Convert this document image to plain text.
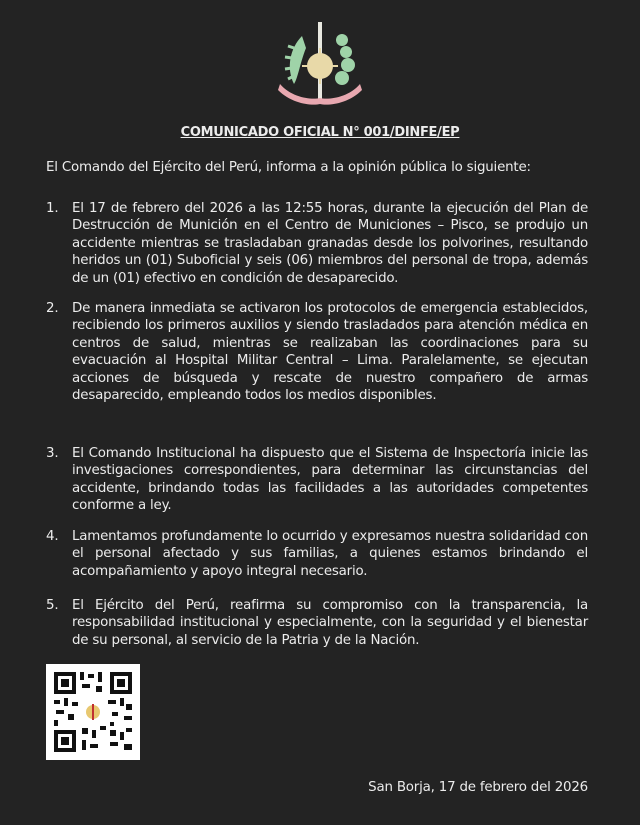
COMUNICADO OFICIAL N° 001/DINFE/EP
El Comando del Ejército del Perú, informa a la opinión pública lo siguiente:
1.	El 17 de febrero del 2026 a las 12:55 horas, durante la ejecución del Plan de Destrucción de Munición en el Centro de Municiones – Pisco, se produjo un accidente mientras se trasladaban granadas desde los polvorines, resultando heridos un (01) Suboficial y seis (06) miembros del personal de tropa, además de un (01) efectivo en condición de desaparecido.
2.	De manera inmediata se activaron los protocolos de emergencia establecidos, recibiendo los primeros auxilios y siendo trasladados para atención médica en centros de salud, mientras se realizaban las coordinaciones para su evacuación al Hospital Militar Central – Lima. Paralelamente, se ejecutan acciones de búsqueda y rescate de nuestro compañero de armas desaparecido, empleando todos los medios disponibles.
3.	El Comando Institucional ha dispuesto que el Sistema de Inspectoría inicie las investigaciones correspondientes, para determinar las circunstancias del accidente, brindando todas las facilidades a las autoridades competentes conforme a ley.
4.	Lamentamos profundamente lo ocurrido y expresamos nuestra solidaridad con el personal afectado y sus familias, a quienes estamos brindando el acompañamiento y apoyo integral necesario.
5.	El Ejército del Perú, reafirma su compromiso con la transparencia, la responsabilidad institucional y especialmente, con la seguridad y el bienestar de su personal, al servicio de la Patria y de la Nación.
San Borja, 17 de febrero del 2026
